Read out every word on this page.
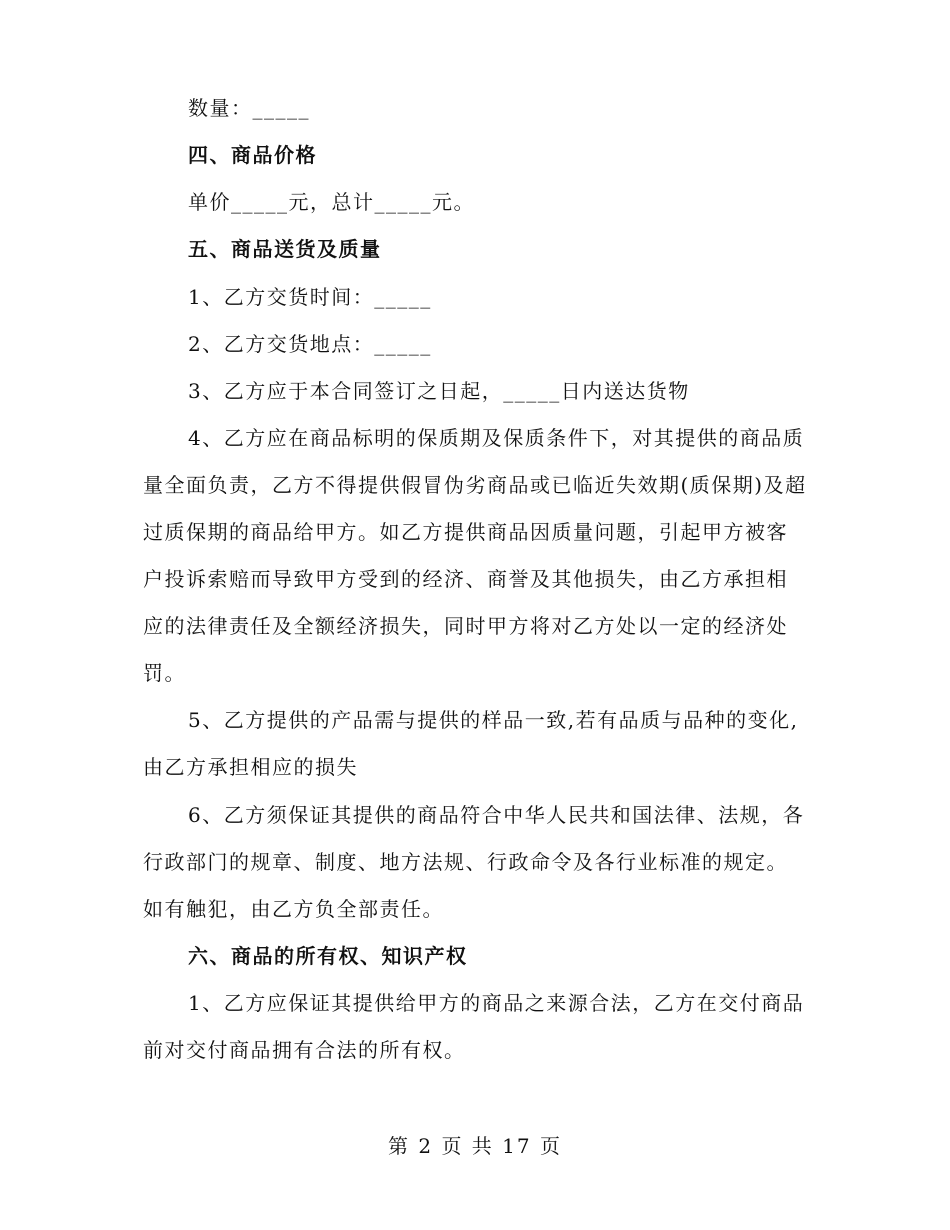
数量：_____
四、商品价格
单价_____元，总计_____元。
五、商品送货及质量
1、乙方交货时间：_____
2、乙方交货地点：_____
3、乙方应于本合同签订之日起，_____日内送达货物
4、乙方应在商品标明的保质期及保质条件下，对其提供的商品质
量全面负责，乙方不得提供假冒伪劣商品或已临近失效期(质保期)及超
过质保期的商品给甲方。如乙方提供商品因质量问题，引起甲方被客
户投诉索赔而导致甲方受到的经济、商誉及其他损失，由乙方承担相
应的法律责任及全额经济损失，同时甲方将对乙方处以一定的经济处
罚。
5、乙方提供的产品需与提供的样品一致,若有品质与品种的变化,
由乙方承担相应的损失
6、乙方须保证其提供的商品符合中华人民共和国法律、法规，各
行政部门的规章、制度、地方法规、行政命令及各行业标准的规定。
如有触犯，由乙方负全部责任。
六、商品的所有权、知识产权
1、乙方应保证其提供给甲方的商品之来源合法，乙方在交付商品
前对交付商品拥有合法的所有权。
第 2 页 共 17 页
